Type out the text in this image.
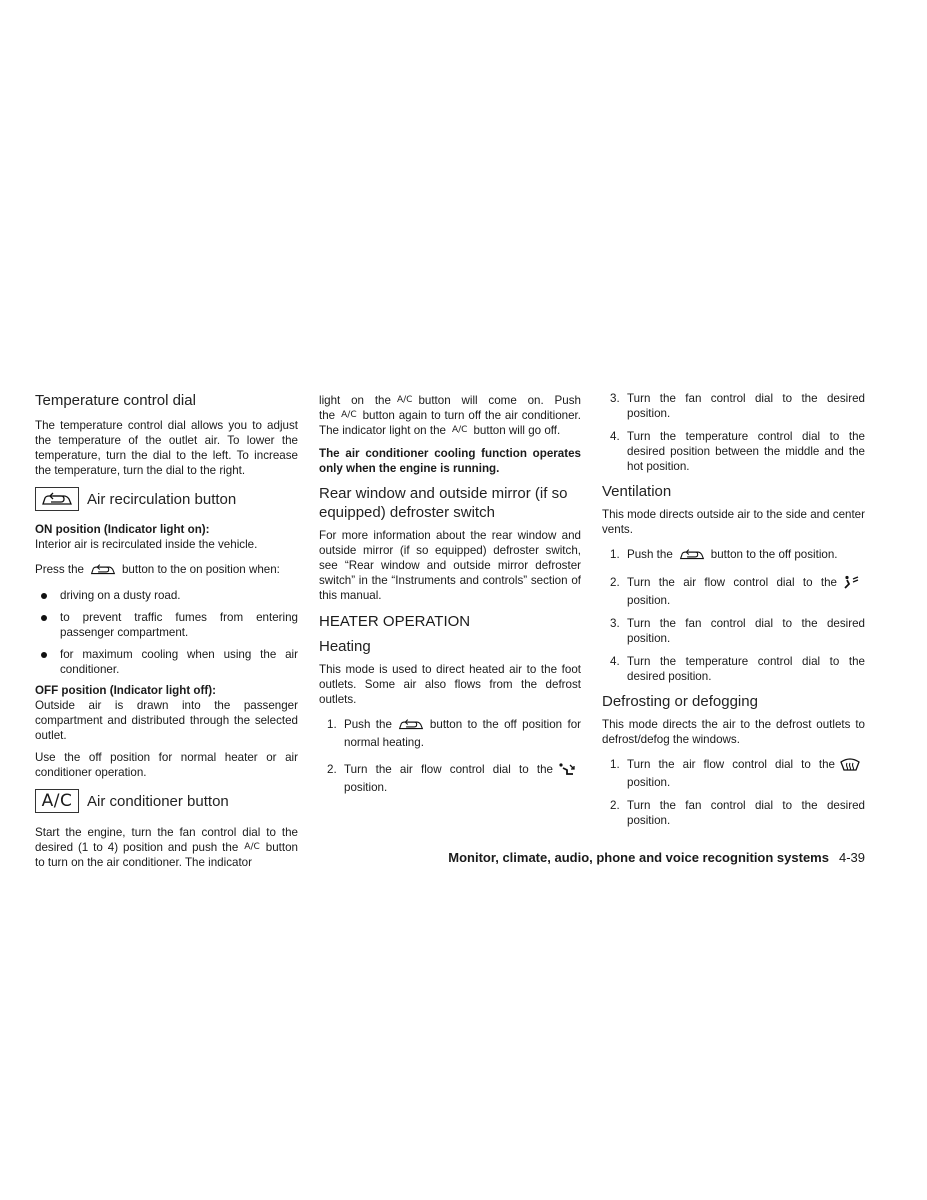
Temperature control dial

The temperature control dial allows you to adjust the temperature of the outlet air. To lower the temperature, turn the dial to the left. To increase the temperature, turn the dial to the right.

Air recirculation button

ON position (Indicator light on):

Interior air is recirculated inside the vehicle.

Press the	button to the on position when:

driving on a dusty road.
to prevent traffic fumes from entering passenger compartment.
for maximum cooling when using the air conditioner.

OFF position (Indicator light off):

Outside air is drawn into the passenger compartment and distributed through the selected outlet.

Use the off position for normal heater or air conditioner operation.

A/C Air conditioner button

Start the engine, turn the fan control dial to the desired (1 to 4) position and push the A/C button to turn on the air conditioner. The indicator

light on the A/C button will come on. Push the A/C button again to turn off the air conditioner. The indicator light on the A/C button will go off.

The air conditioner cooling function operates only when the engine is running.

Rear window and outside mirror (if so equipped) defroster switch

For more information about the rear window and outside mirror (if so equipped) defroster switch, see “Rear window and outside mirror defroster switch” in the “Instruments and controls” section of this manual.

HEATER OPERATION
Heating

This mode is used to direct heated air to the foot outlets. Some air also flows from the defrost outlets.

1. Push the	button to the off position for normal heating.
2. Turn the air flow control dial to theposition.
3. Turn the fan control dial to the desired position.
4. Turn the temperature control dial to the desired position between the middle and the hot position.
Ventilation

This mode directs outside air to the side and center vents.

1. Push the	button to the off position.
2. Turn the air flow control dial to theposition.
3. Turn the fan control dial to the desired position.
4. Turn the temperature control dial to the desired position.
Defrosting or defogging

This mode directs the air to the defrost outlets to defrost/defog the windows.

1. Turn the air flow control dial to theposition.
2. Turn the fan control dial to the desired position.
Monitor, climate, audio, phone and voice recognition systems 4-39
